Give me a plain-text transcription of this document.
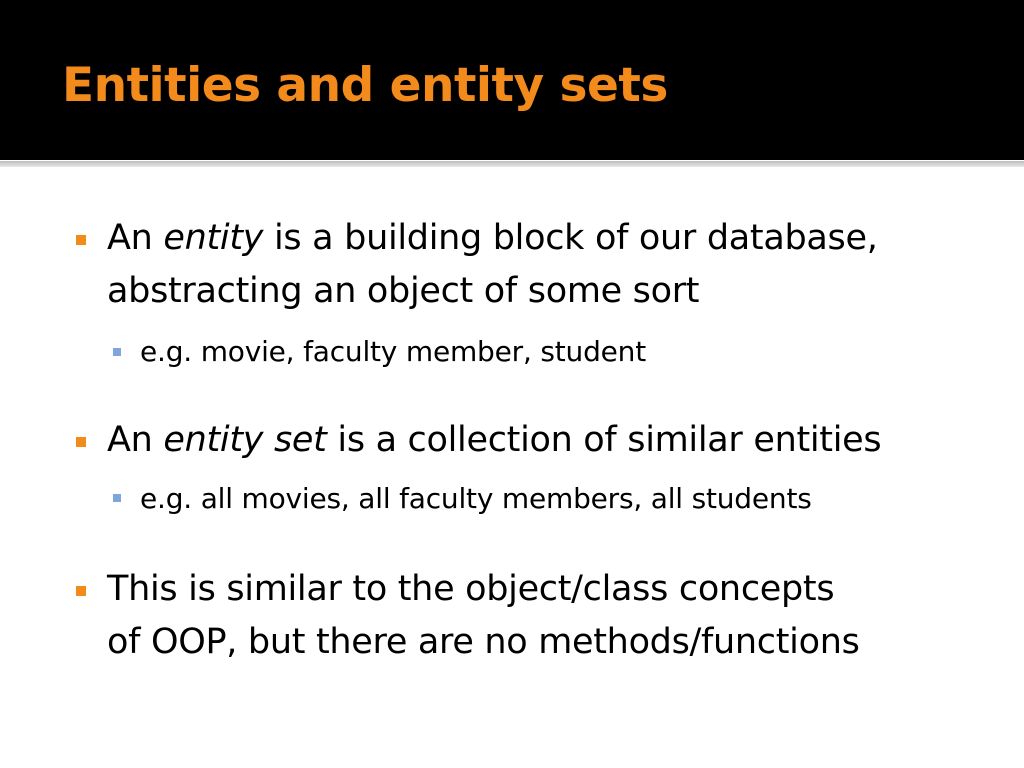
Entities and entity sets
An entity is a building block of our database,
abstracting an object of some sort
e.g. movie, faculty member, student
An entity set is a collection of similar entities
e.g. all movies, all faculty members, all students
This is similar to the object/class concepts
of OOP, but there are no methods/functions
